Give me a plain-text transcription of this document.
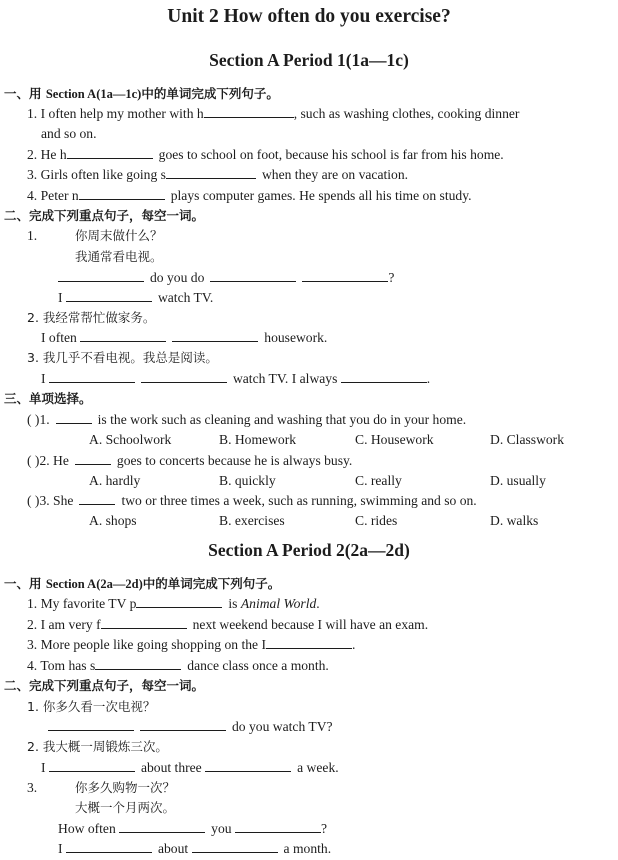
Unit 2 How often do you exercise?
Section A Period 1(1a—1c)
一、用 Section A(1a—1c)中的单词完成下列句子。
1. I often help my mother with h	, such as washing clothes, cooking dinner
and so on.
2. He h	goes to school on foot, because his school is far from his home.
3. Girls often like going s	when they are on vacation.
4. Peter n	plays computer games. He spends all his time on study.
二、完成下列重点句子，每空一词。
1.	你周末做什么？
我通常看电视。
do you do	?
I	watch TV.
2. 我经常帮忙做家务。
I often	housework.
3. 我几乎不看电视。我总是阅读。
I	watch TV. I always	.
三、单项选择。
( )1.	is the work such as cleaning and washing that you do in your home.
A. Schoolwork	B. Homework	C. Housework	D. Classwork
( )2. He	goes to concerts because he is always busy.
A. hardly	B. quickly	C. really	D. usually
( )3. She	two or three times a week, such as running, swimming and so on.
A. shops	B. exercises	C. rides	D. walks
Section A Period 2(2a—2d)
一、用 Section A(2a—2d)中的单词完成下列句子。
1. My favorite TV p	is Animal World.
2. I am very f	next weekend because I will have an exam.
3. More people like going shopping on the I	.
4. Tom has s	dance class once a month.
二、完成下列重点句子，每空一词。
1. 你多久看一次电视？
do you watch TV?
2. 我大概一周锻炼三次。
I	about three	a week.
3.	你多久购物一次？
大概一个月两次。
How often	you	?
I	about	a month.
